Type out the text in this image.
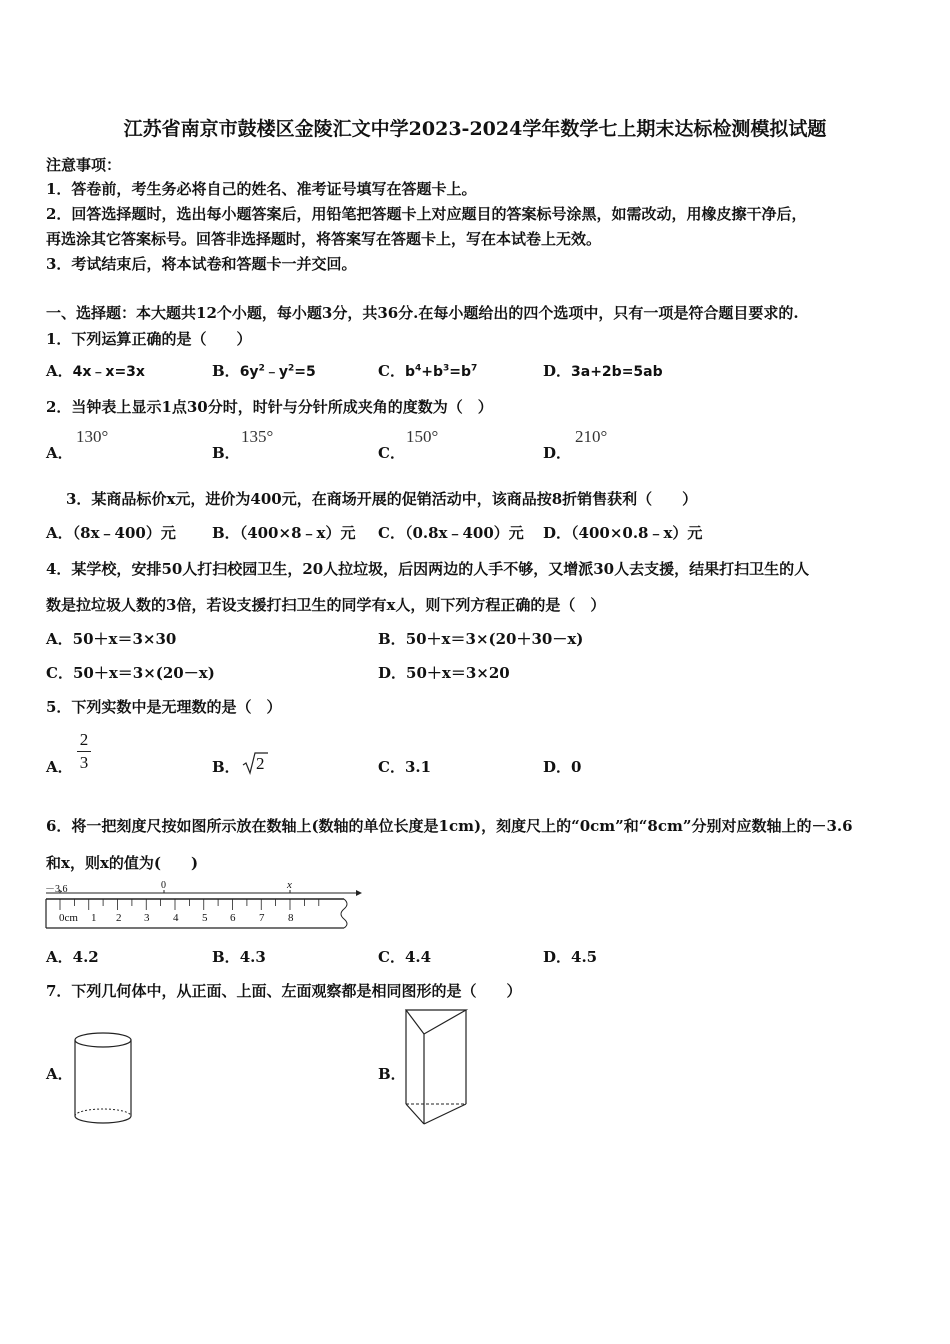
江苏省南京市鼓楼区金陵汇文中学2023-2024学年数学七上期末达标检测模拟试题
注意事项：
1．答卷前，考生务必将自己的姓名、准考证号填写在答题卡上。
2．回答选择题时，选出每小题答案后，用铅笔把答题卡上对应题目的答案标号涂黑，如需改动，用橡皮擦干净后，
再选涂其它答案标号。回答非选择题时，将答案写在答题卡上，写在本试卷上无效。
3．考试结束后，将本试卷和答题卡一并交回。
一、选择题：本大题共12个小题，每小题3分，共36分.在每小题给出的四个选项中，只有一项是符合题目要求的.
1．下列运算正确的是（　　）
A．4x﹣x=3x	B．$6y^2﹣y^2=5$	C．$b^4+b^3=b^7$	D．3a+2b=5ab
2．当钟表上显示1点30分时，时针与分针所成夹角的度数为（　）
A．
130°
B．
135°
C．
150°
D．
210°
3．某商品标价x元，进价为400元，在商场开展的促销活动中，该商品按8折销售获利（　　）
A．（8x﹣400）元 B．（400×8﹣x）元 C．（0.8x﹣400）元 D．（400×0.8﹣x）元
4．某学校，安排50人打扫校园卫生，20人拉垃圾，后因两边的人手不够，又增派30人去支援，结果打扫卫生的人
数是拉垃圾人数的3倍，若设支援打扫卫生的同学有x人，则下列方程正确的是（　）
A．50＋x＝3×30	B．50＋x＝3×(20＋30－x)
C．50＋x＝3×(20－x)	D．50＋x＝3×20
5．下列实数中是无理数的是（　）
A．
2
3	B． 2	C．3.1	D．0
6．将一把刻度尺按如图所示放在数轴上(数轴的单位长度是1cm)，刻度尺上的“0cm”和“8cm”分别对应数轴上的－3.6
和x，则x的值为(　　)
－3.6	0	x
0cm 1 2 3 4 5 6 7 8
A．4.2	B．4.3	C．4.4	D．4.5
7．下列几何体中，从正面、上面、左面观察都是相同图形的是（　　）
A．	B．
